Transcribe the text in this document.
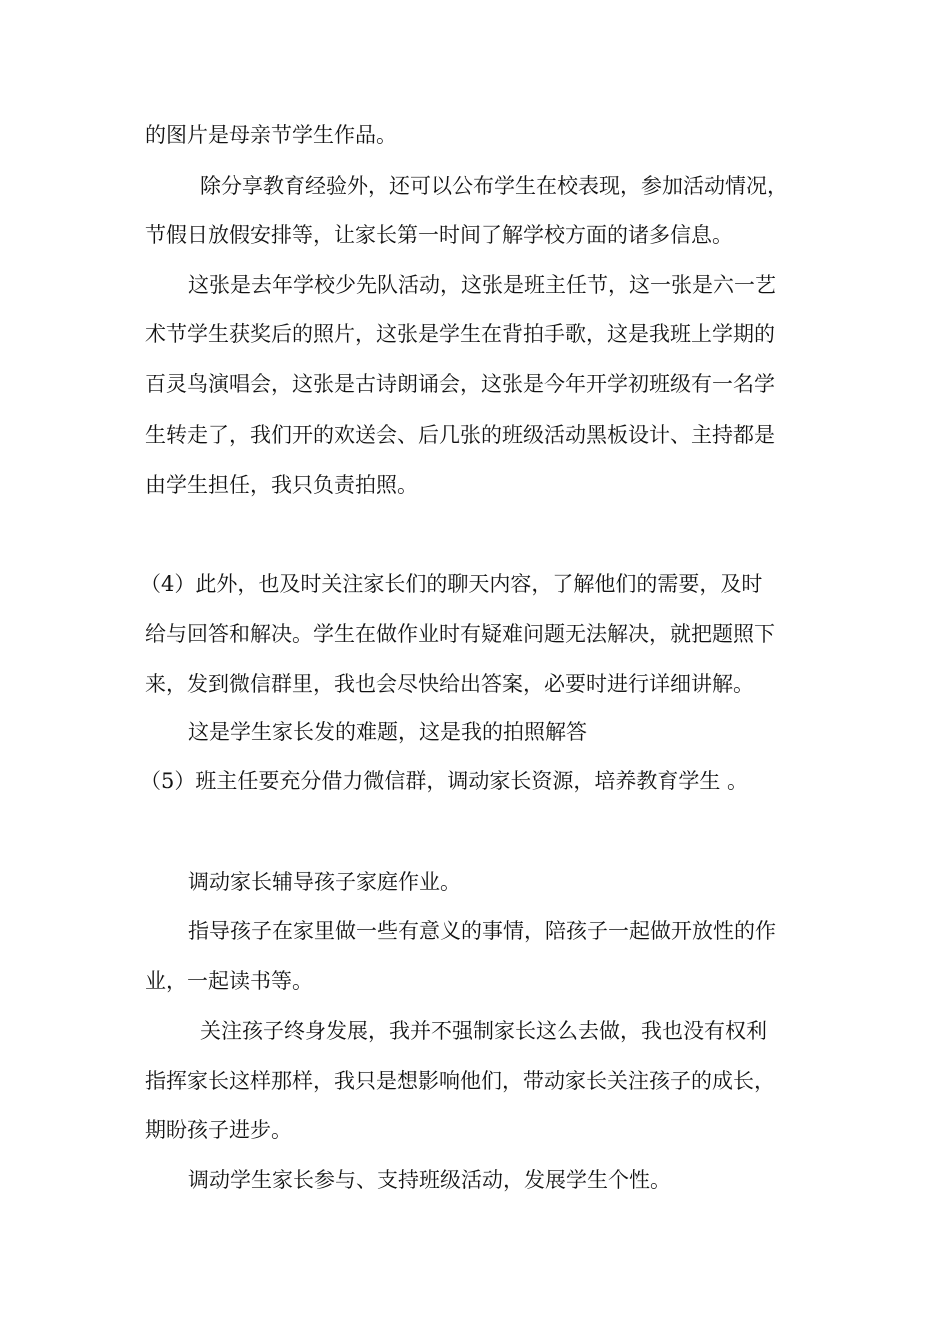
的图片是母亲节学生作品。
除分享教育经验外，还可以公布学生在校表现，参加活动情况，
节假日放假安排等，让家长第一时间了解学校方面的诸多信息。
这张是去年学校少先队活动，这张是班主任节，这一张是六一艺
术节学生获奖后的照片，这张是学生在背拍手歌，这是我班上学期的
百灵鸟演唱会，这张是古诗朗诵会，这张是今年开学初班级有一名学
生转走了，我们开的欢送会、后几张的班级活动黑板设计、主持都是
由学生担任，我只负责拍照。
（4）此外，也及时关注家长们的聊天内容，了解他们的需要，及时
给与回答和解决。学生在做作业时有疑难问题无法解决，就把题照下
来，发到微信群里，我也会尽快给出答案，必要时进行详细讲解。
这是学生家长发的难题，这是我的拍照解答
（5）班主任要充分借力微信群，调动家长资源，培养教育学生 。
调动家长辅导孩子家庭作业。
指导孩子在家里做一些有意义的事情，陪孩子一起做开放性的作
业，一起读书等。
关注孩子终身发展，我并不强制家长这么去做，我也没有权利
指挥家长这样那样，我只是想影响他们，带动家长关注孩子的成长，
期盼孩子进步。
调动学生家长参与、支持班级活动，发展学生个性。
